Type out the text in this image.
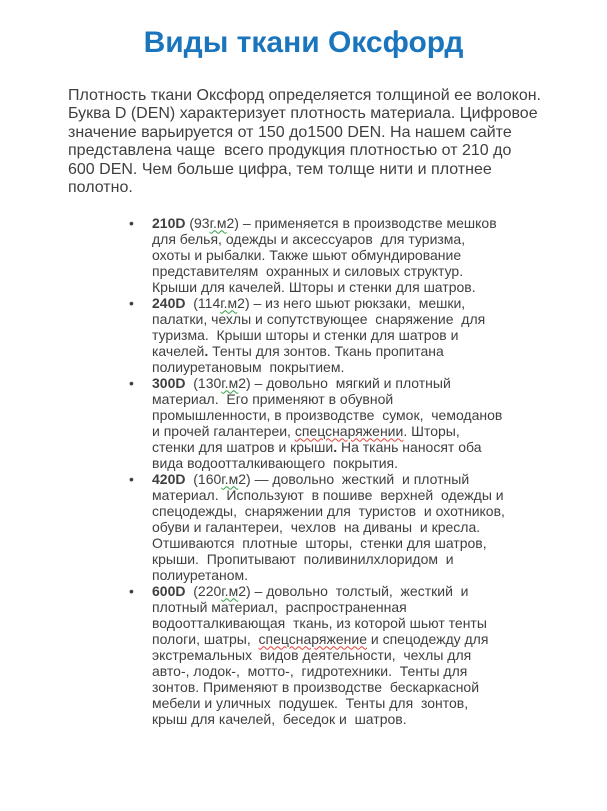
Виды ткани Оксфорд

Плотность ткани Оксфорд определяется толщиной ее волокон. Буква D (DEN) характеризует плотность материала. Цифровое значение варьируется от 150 до1500 DEN. На нашем сайте представлена чаще  всего продукция плотностью от 210 до 600 DEN. Чем больше цифра, тем толще нити и плотнее полотно.

• 210D (93г.м2) – применяется в производстве мешков для белья, одежды и аксессуаров  для туризма,  охоты и рыбалки. Также шьют обмундирование представителям  охранных и силовых структур. Крыши для качелей. Шторы и стенки для шатров.
• 240D  (114г.м2) – из него шьют рюкзаки,  мешки, палатки, чехлы и сопутствующее  снаряжение  для туризма.  Крыши шторы и стенки для шатров и качелей. Тенты для зонтов. Ткань пропитана полиуретановым  покрытием.
• 300D  (130г.м2) – довольно  мягкий и плотный материал.  Его применяют в обувной промышленности, в производстве  сумок,  чемоданов и прочей галантереи, спецснаряжении. Шторы, стенки для шатров и крыши. На ткань наносят оба вида водоотталкивающего  покрытия.
• 420D  (160г.м2) — довольно  жесткий  и плотный материал.  Используют  в пошиве  верхней  одежды и спецодежды,  снаряжении для  туристов  и охотников, обуви и галантереи,  чехлов  на диваны  и кресла.  Отшиваются  плотные  шторы,  стенки для шатров,  крыши.  Пропитывают  поливинилхлоридом  и полиуретаном.
• 600D  (220г.м2) – довольно  толстый,  жесткий  и плотный материал,  распространенная водоотталкивающая  ткань, из которой шьют тенты пологи, шатры,  спецснаряжение и спецодежду для экстремальных  видов деятельности,  чехлы для  авто-, лодок-,  мотто-,  гидротехники.  Тенты для  зонтов. Применяют в производстве  бескаркасной  мебели и уличных  подушек.  Тенты для  зонтов,  крыш для качелей,  беседок и  шатров.
